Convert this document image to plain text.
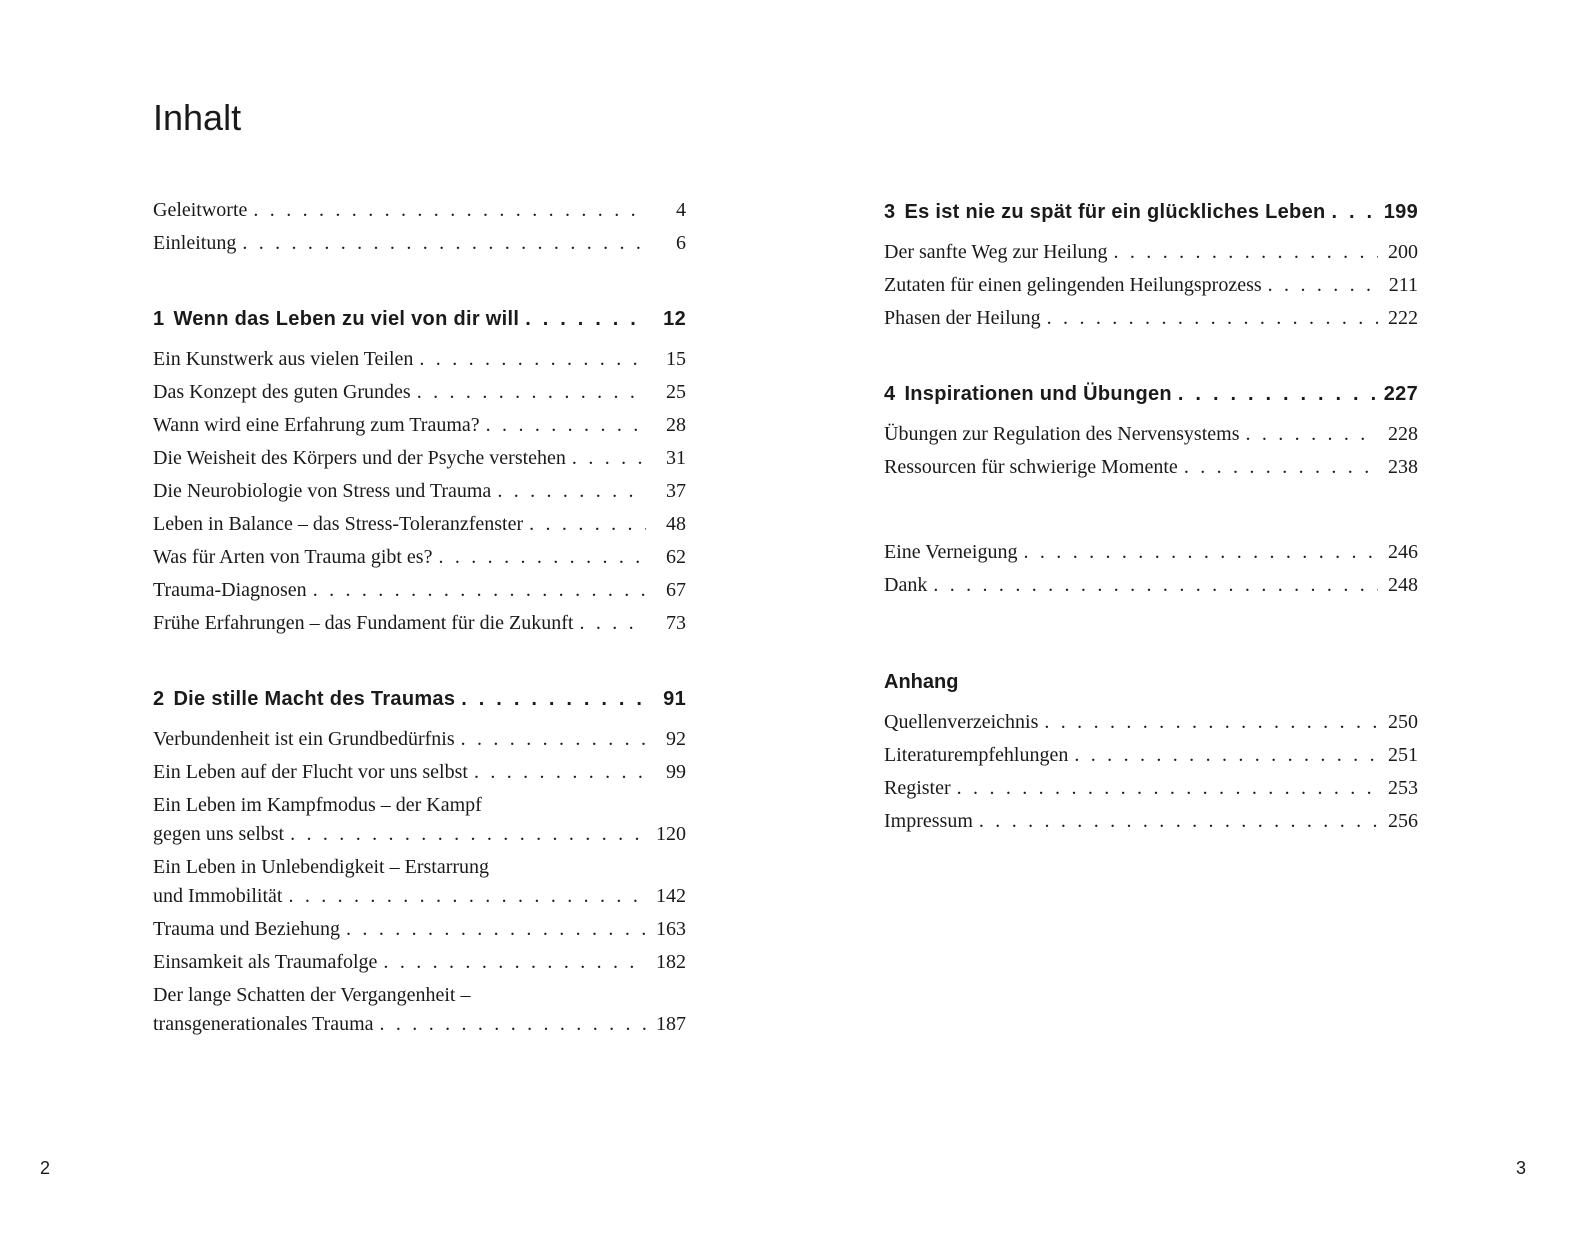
Inhalt
Geleitworte . . .	4
Einleitung . . .	6
1 Wenn das Leben zu viel von dir will . . .	12
Ein Kunstwerk aus vielen Teilen . . .	15
Das Konzept des guten Grundes . . .	25
Wann wird eine Erfahrung zum Trauma? . . .	28
Die Weisheit des Körpers und der Psyche verstehen . . .	31
Die Neurobiologie von Stress und Trauma . . .	37
Leben in Balance – das Stress-Toleranzfenster . . .	48
Was für Arten von Trauma gibt es? . . .	62
Trauma-Diagnosen . . .	67
Frühe Erfahrungen – das Fundament für die Zukunft . . .	73
2 Die stille Macht des Traumas . . .	91
Verbundenheit ist ein Grundbedürfnis . . .	92
Ein Leben auf der Flucht vor uns selbst . . .	99
Ein Leben im Kampfmodus – der Kampf
gegen uns selbst . . .	120
Ein Leben in Unlebendigkeit – Erstarrung
und Immobilität . . .	142
Trauma und Beziehung . . .	163
Einsamkeit als Traumafolge . . .	182
Der lange Schatten der Vergangenheit –
transgenerationales Trauma . . .	187
3 Es ist nie zu spät für ein glückliches Leben . . .	199
Der sanfte Weg zur Heilung . . .	200
Zutaten für einen gelingenden Heilungsprozess . . .	211
Phasen der Heilung . . .	222
4 Inspirationen und Übungen . . .	227
Übungen zur Regulation des Nervensystems . . .	228
Ressourcen für schwierige Momente . . .	238
Eine Verneigung . . .	246
Dank . . .	248
Anhang
Quellenverzeichnis . . .	250
Literaturempfehlungen . . .	251
Register . . .	253
Impressum . . .	256
2	3
